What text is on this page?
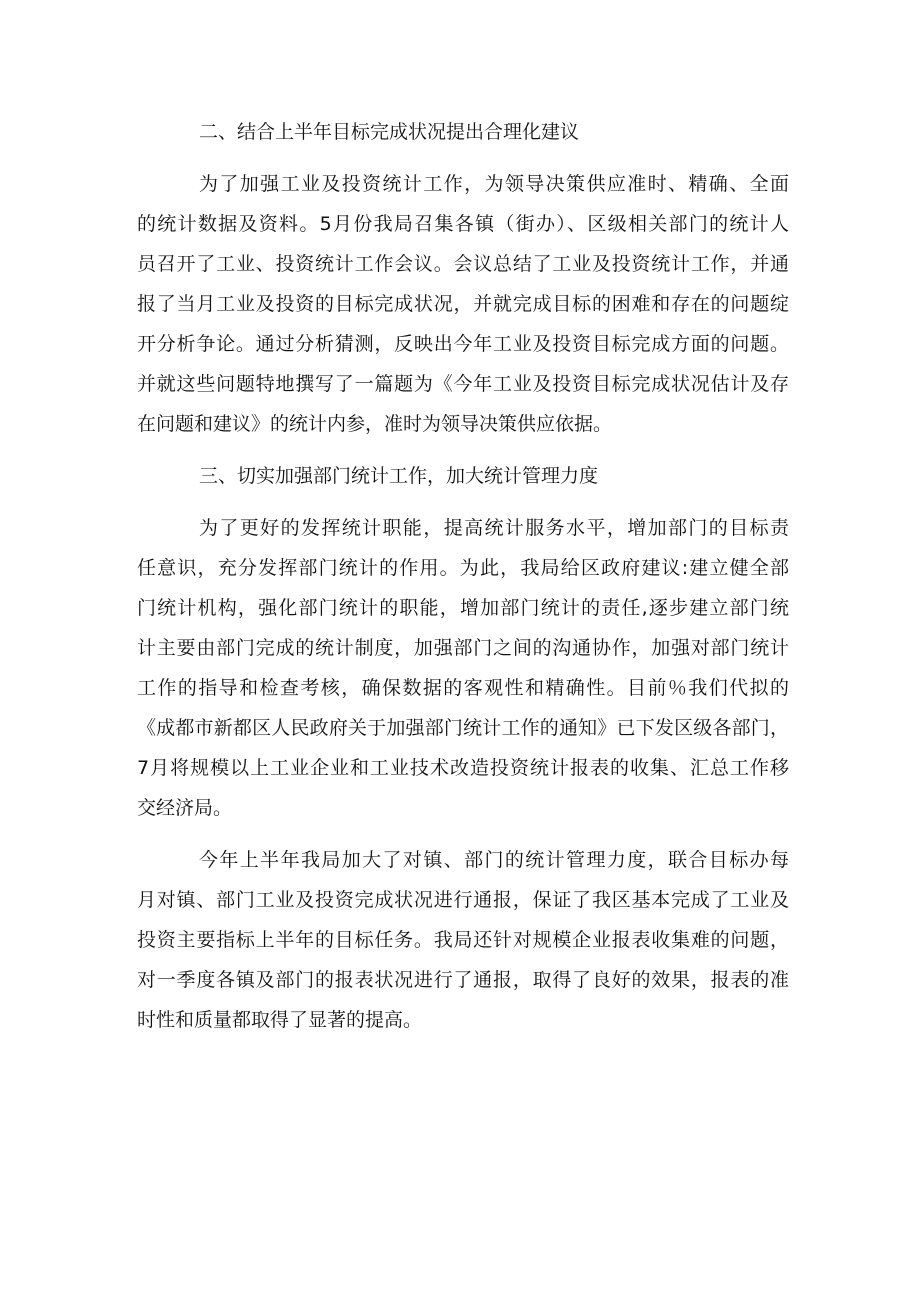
二、结合上半年目标完成状况提出合理化建议

为了加强工业及投资统计工作，为领导决策供应准时、精确、全面
的统计数据及资料。5月份我局召集各镇（街办）、区级相关部门的统计人
员召开了工业、投资统计工作会议。会议总结了工业及投资统计工作，并通
报了当月工业及投资的目标完成状况，并就完成目标的困难和存在的问题绽
开分析争论。通过分析猜测，反映出今年工业及投资目标完成方面的问题。
并就这些问题特地撰写了一篇题为《今年工业及投资目标完成状况估计及存
在问题和建议》的统计内参，准时为领导决策供应依据。

三、切实加强部门统计工作，加大统计管理力度

为了更好的发挥统计职能，提高统计服务水平，增加部门的目标责
任意识，充分发挥部门统计的作用。为此，我局给区政府建议:建立健全部
门统计机构，强化部门统计的职能，增加部门统计的责任,逐步建立部门统
计主要由部门完成的统计制度，加强部门之间的沟通协作，加强对部门统计
工作的指导和检查考核，确保数据的客观性和精确性。目前％我们代拟的
《成都市新都区人民政府关于加强部门统计工作的通知》已下发区级各部门，
7月将规模以上工业企业和工业技术改造投资统计报表的收集、汇总工作移
交经济局。

今年上半年我局加大了对镇、部门的统计管理力度，联合目标办每
月对镇、部门工业及投资完成状况进行通报，保证了我区基本完成了工业及
投资主要指标上半年的目标任务。我局还针对规模企业报表收集难的问题，
对一季度各镇及部门的报表状况进行了通报，取得了良好的效果，报表的准
时性和质量都取得了显著的提高。
